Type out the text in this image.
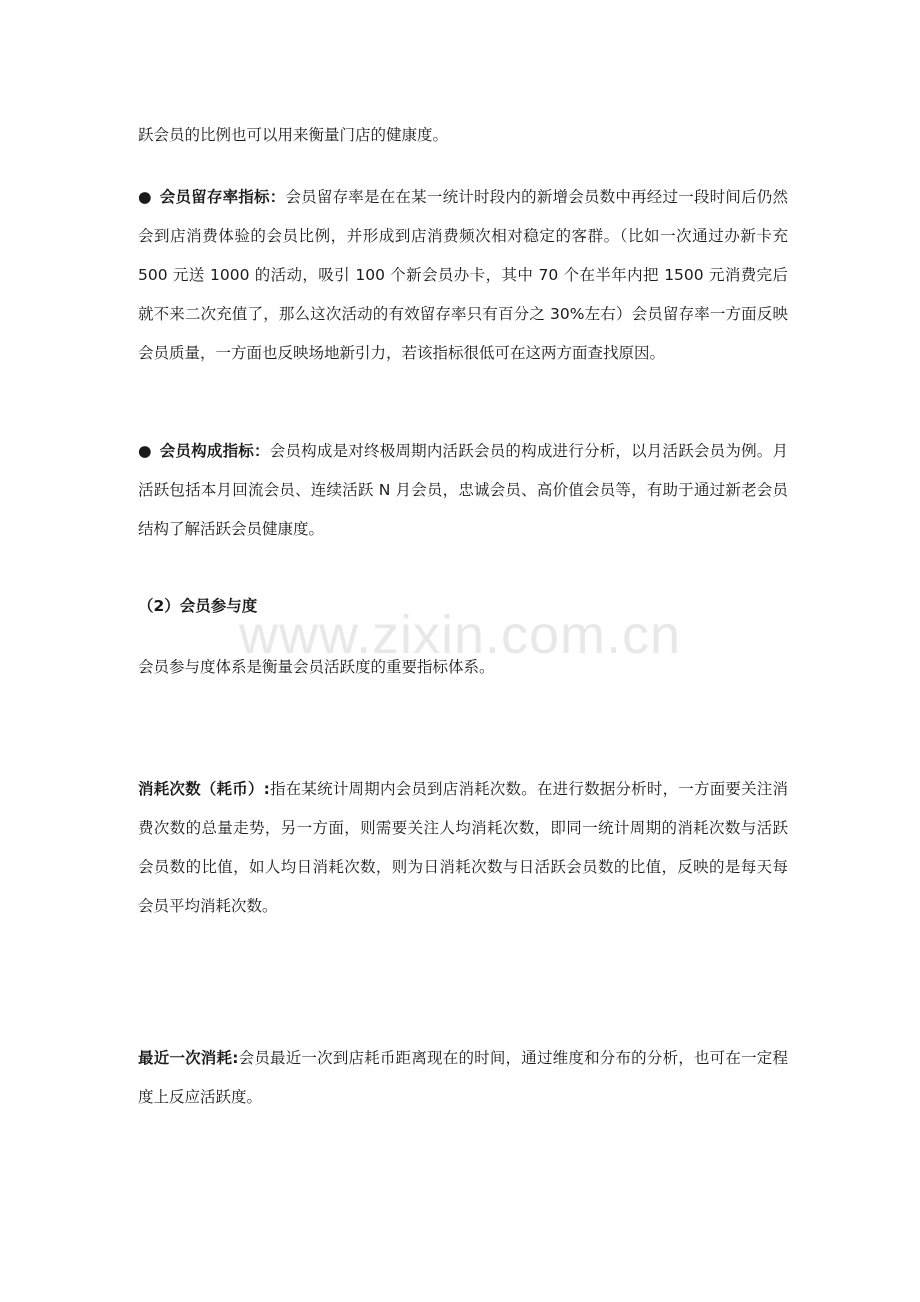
跃会员的比例也可以用来衡量门店的健康度。
● 会员留存率指标：会员留存率是在在某一统计时段内的新增会员数中再经过一段时间后仍然会到店消费体验的会员比例，并形成到店消费频次相对稳定的客群。（比如一次通过办新卡充 500 元送 1000 的活动，吸引 100 个新会员办卡，其中 70 个在半年内把 1500 元消费完后就不来二次充值了，那么这次活动的有效留存率只有百分之 30%左右）会员留存率一方面反映会员质量，一方面也反映场地新引力，若该指标很低可在这两方面查找原因。
● 会员构成指标：会员构成是对终极周期内活跃会员的构成进行分析，以月活跃会员为例。月活跃包括本月回流会员、连续活跃 N 月会员，忠诚会员、高价值会员等，有助于通过新老会员结构了解活跃会员健康度。
（2）会员参与度
会员参与度体系是衡量会员活跃度的重要指标体系。
消耗次数（耗币）:指在某统计周期内会员到店消耗次数。在进行数据分析时，一方面要关注消费次数的总量走势，另一方面，则需要关注人均消耗次数，即同一统计周期的消耗次数与活跃会员数的比值，如人均日消耗次数，则为日消耗次数与日活跃会员数的比值，反映的是每天每会员平均消耗次数。
最近一次消耗:会员最近一次到店耗币距离现在的时间，通过维度和分布的分析，也可在一定程度上反应活跃度。
www.zixin.com.cn
